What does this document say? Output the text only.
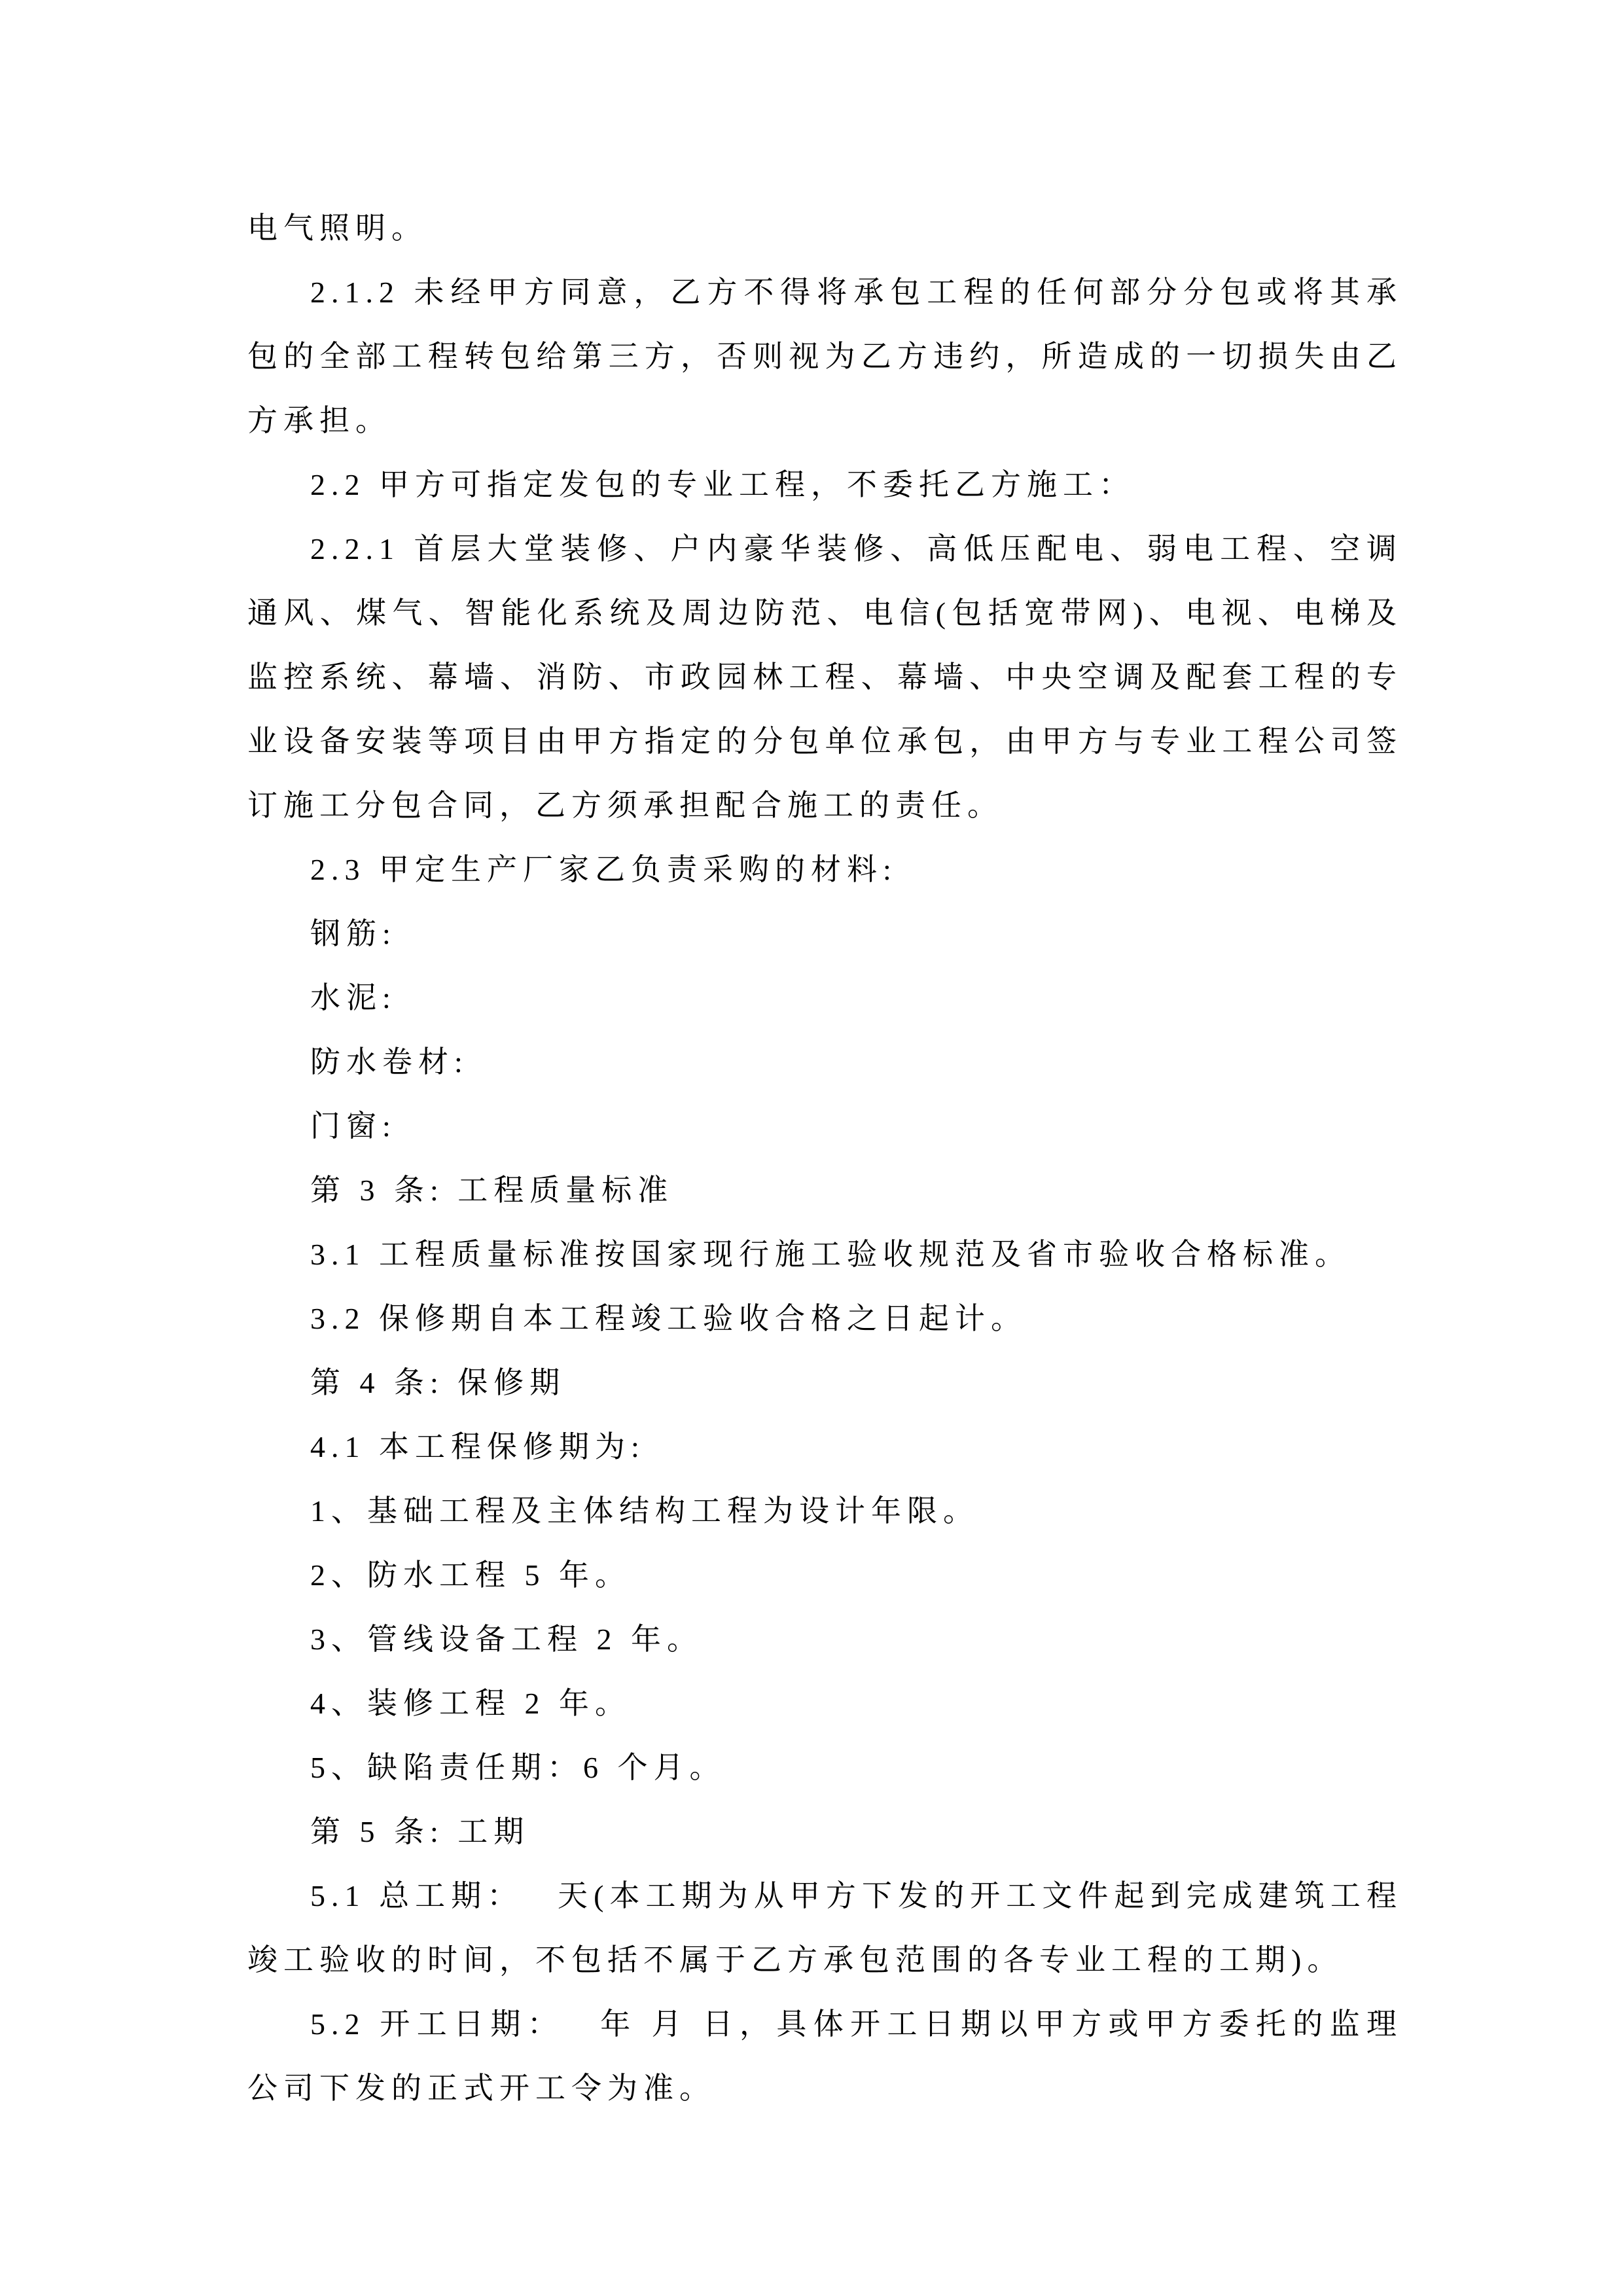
电气照明。

2.1.2 未经甲方同意，乙方不得将承包工程的任何部分分包或将其承包的全部工程转包给第三方，否则视为乙方违约，所造成的一切损失由乙方承担。

2.2 甲方可指定发包的专业工程，不委托乙方施工：

2.2.1 首层大堂装修、户内豪华装修、高低压配电、弱电工程、空调通风、煤气、智能化系统及周边防范、电信(包括宽带网)、电视、电梯及监控系统、幕墙、消防、市政园林工程、幕墙、中央空调及配套工程的专业设备安装等项目由甲方指定的分包单位承包，由甲方与专业工程公司签订施工分包合同，乙方须承担配合施工的责任。

2.3 甲定生产厂家乙负责采购的材料:

钢筋:

水泥:

防水卷材:

门窗:

第 3 条: 工程质量标准

3.1 工程质量标准按国家现行施工验收规范及省市验收合格标准。

3.2 保修期自本工程竣工验收合格之日起计。

第 4 条: 保修期

4.1 本工程保修期为:

1、基础工程及主体结构工程为设计年限。

2、防水工程 5 年。

3、管线设备工程 2 年。

4、装修工程 2 年。

5、缺陷责任期：6 个月。

第 5 条: 工期

5.1 总工期：　 天(本工期为从甲方下发的开工文件起到完成建筑工程竣工验收的时间，不包括不属于乙方承包范围的各专业工程的工期)。

5.2 开工日期：　 年 月 日，具体开工日期以甲方或甲方委托的监理公司下发的正式开工令为准。
